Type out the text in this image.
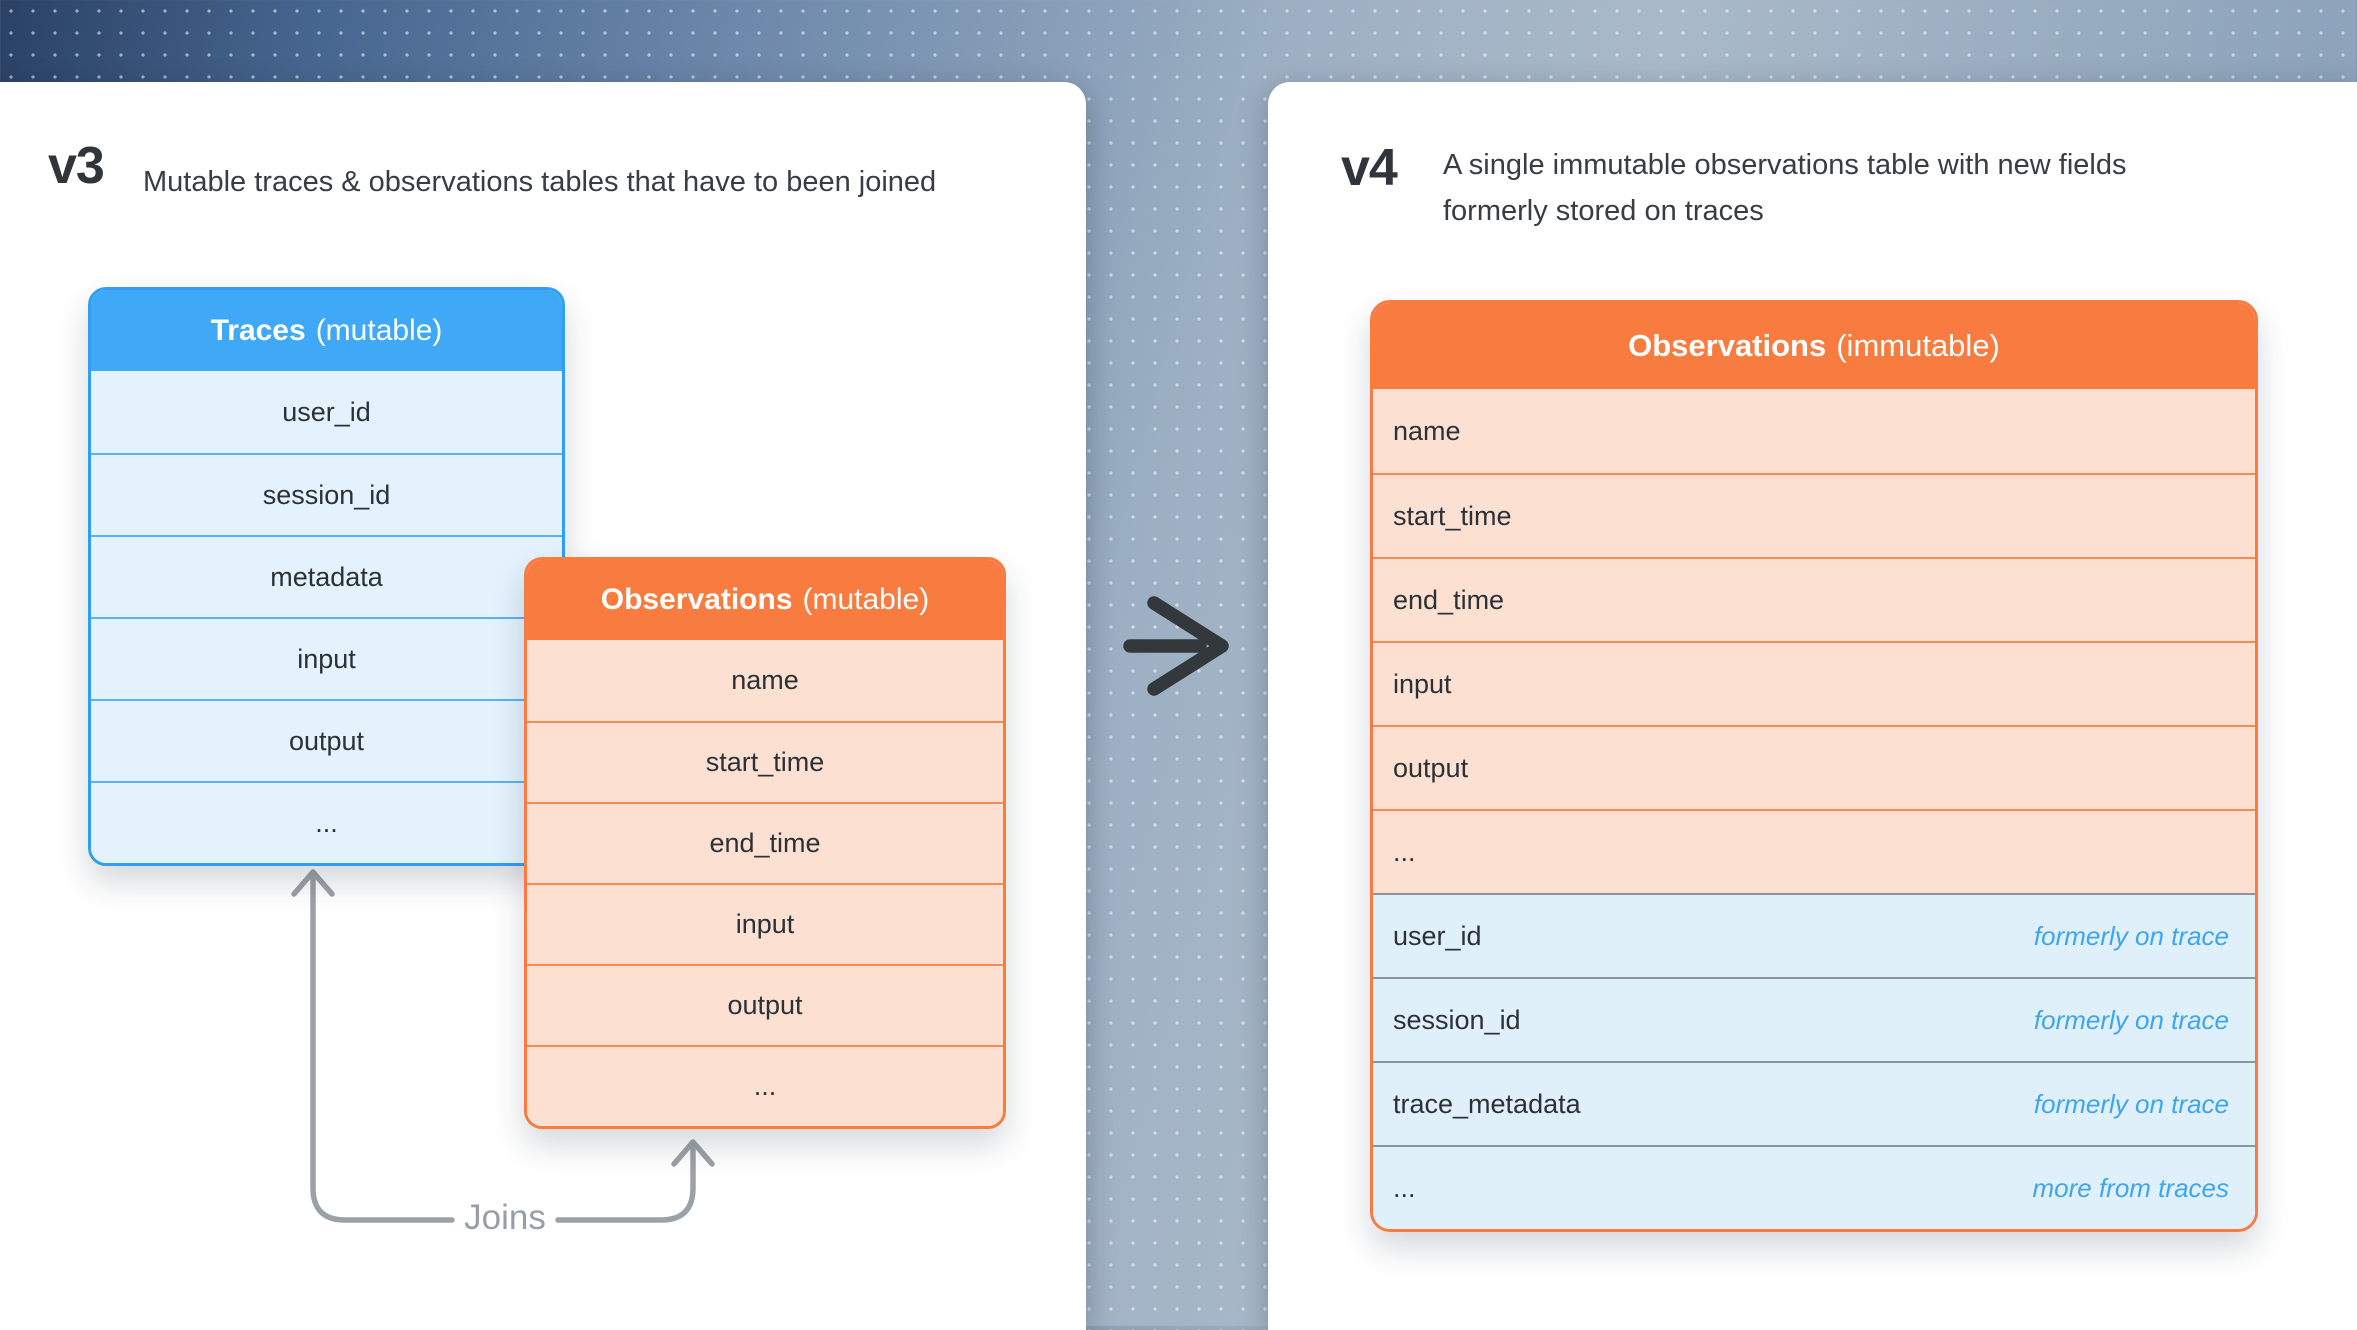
v3 Mutable traces & observations tables that have to been joined
Traces (mutable)
user_id
session_id
metadata
input
output
...
Observations (mutable)
name
start_time
end_time
input
output
...
Joins
v4 A single immutable observations table with new fields
formerly stored on traces
Observations (immutable)
name
start_time
end_time
input
output
...
user_id	formerly on trace
session_id	formerly on trace
trace_metadata	formerly on trace
...	more from traces
